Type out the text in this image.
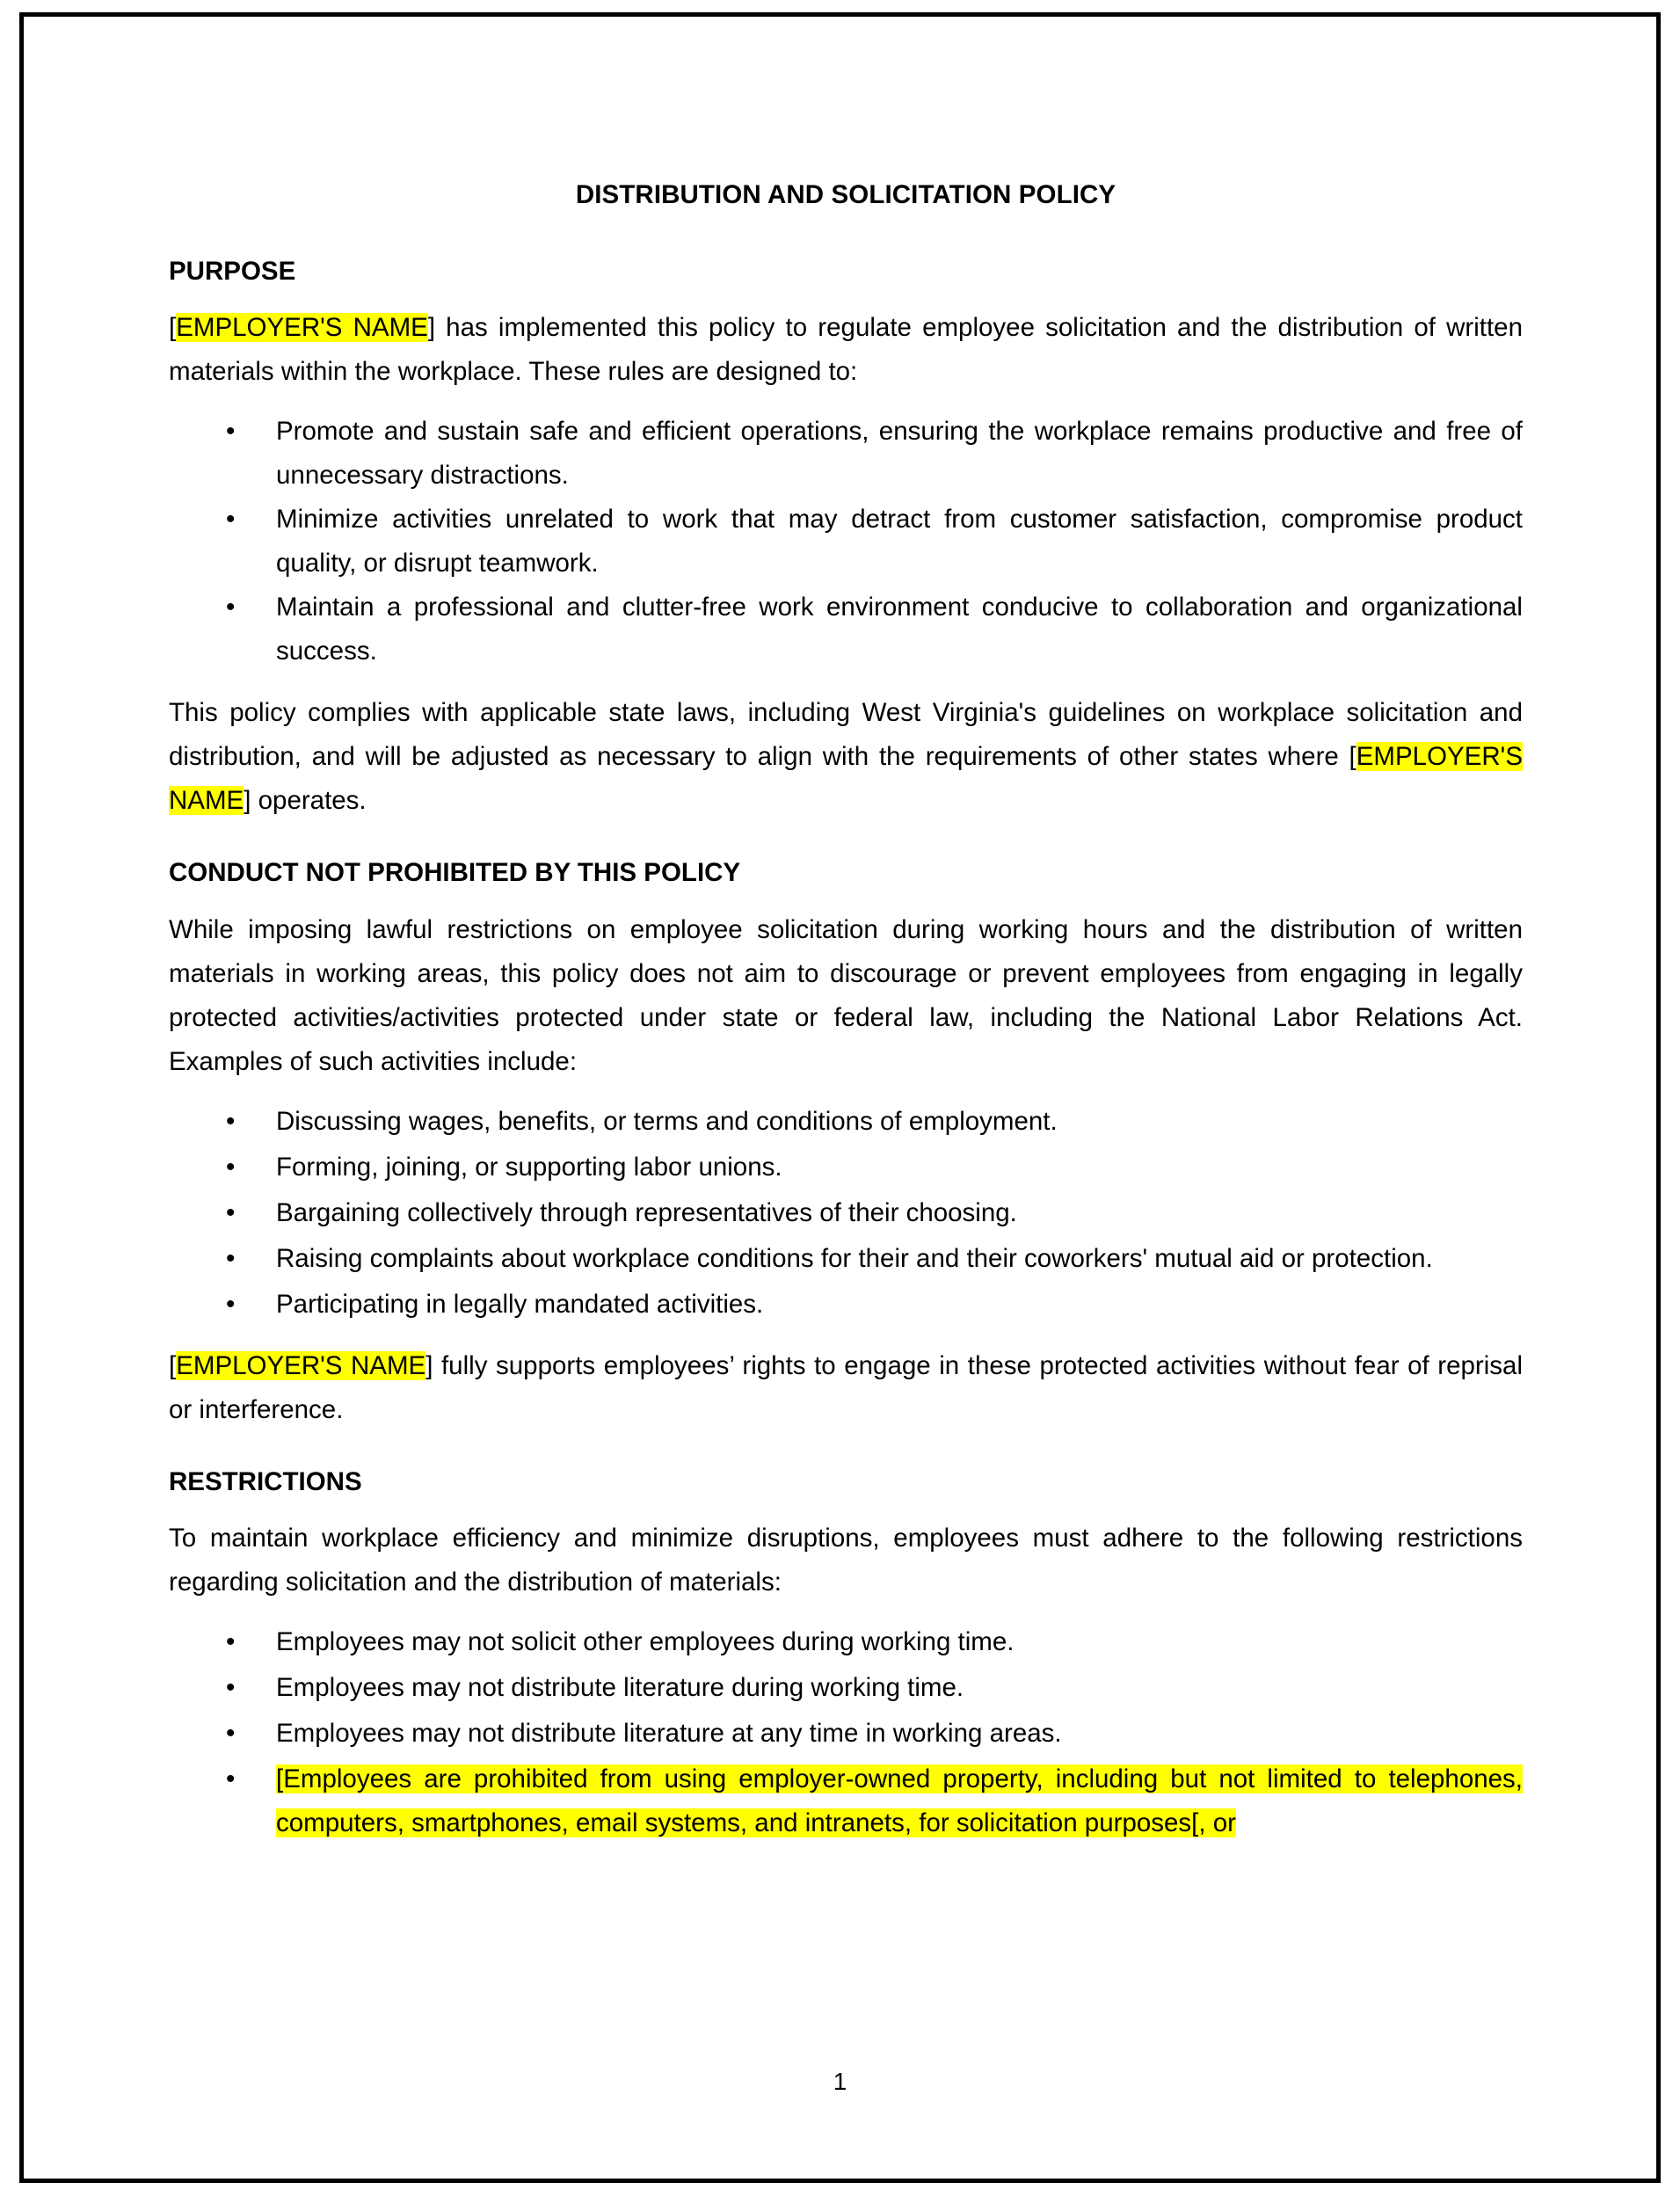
DISTRIBUTION AND SOLICITATION POLICY
PURPOSE

[EMPLOYER'S NAME] has implemented this policy to regulate employee solicitation and the distribution of written materials within the workplace. These rules are designed to:

• Promote and sustain safe and efficient operations, ensuring the workplace remains productive and free of unnecessary distractions.
• Minimize activities unrelated to work that may detract from customer satisfaction, compromise product quality, or disrupt teamwork.
• Maintain a professional and clutter-free work environment conducive to collaboration and organizational success.

This policy complies with applicable state laws, including West Virginia's guidelines on workplace solicitation and distribution, and will be adjusted as necessary to align with the requirements of other states where [EMPLOYER'S NAME] operates.

CONDUCT NOT PROHIBITED BY THIS POLICY

While imposing lawful restrictions on employee solicitation during working hours and the distribution of written materials in working areas, this policy does not aim to discourage or prevent employees from engaging in legally protected activities/activities protected under state or federal law, including the National Labor Relations Act. Examples of such activities include:

• Discussing wages, benefits, or terms and conditions of employment.
• Forming, joining, or supporting labor unions.
• Bargaining collectively through representatives of their choosing.
• Raising complaints about workplace conditions for their and their coworkers' mutual aid or protection.
• Participating in legally mandated activities.

[EMPLOYER'S NAME] fully supports employees’ rights to engage in these protected activities without fear of reprisal or interference.

RESTRICTIONS

To maintain workplace efficiency and minimize disruptions, employees must adhere to the following restrictions regarding solicitation and the distribution of materials:

• Employees may not solicit other employees during working time.
• Employees may not distribute literature during working time.
• Employees may not distribute literature at any time in working areas.
• [Employees are prohibited from using employer-owned property, including but not limited to telephones, computers, smartphones, email systems, and intranets, for solicitation purposes[, or
1
